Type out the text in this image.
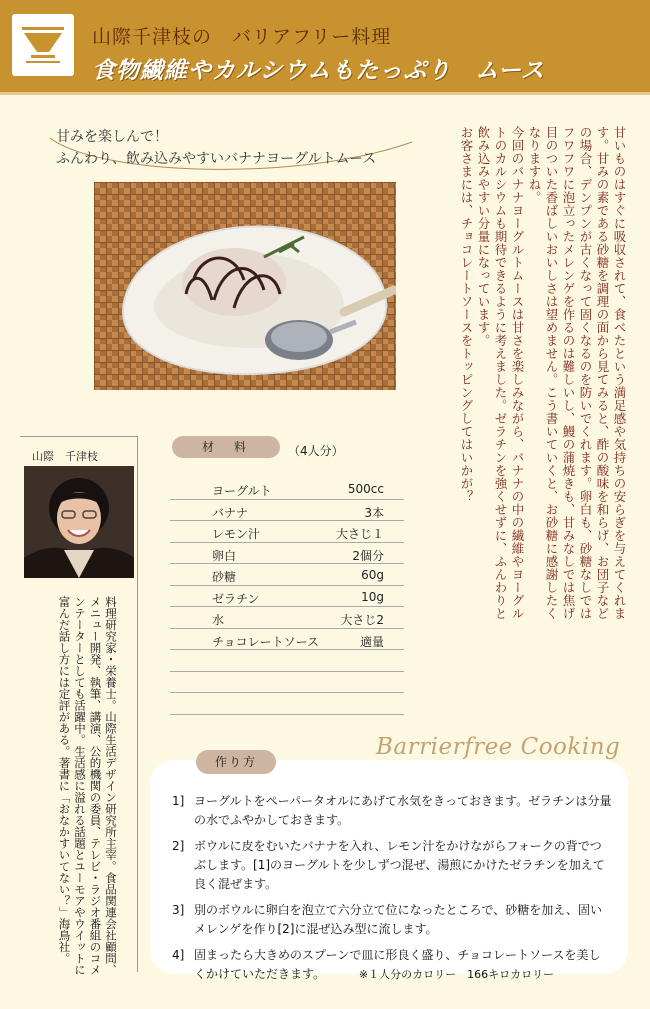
山際千津枝の　バリアフリー料理
食物繊維やカルシウムもたっぷり　ムース
甘みを楽しんで！
ふんわり、飲み込みやすいバナナヨーグルトムース	甘いものはすぐに吸収されて、食べたという満足感や気持ちの安らぎを与えてくれます。甘みの素である砂糖を調理の面から見てみると、酢の酸味を和らげ、お団子などの場合、デンプンが古くなって固くなるのを防いでくれます。卵白も、砂糖なしではフワフワに泡立ったメレンゲを作るのは難しいし、鰻の蒲焼きも、甘みなしでは焦げ目のついた香ばしいおいしさは望めません。こう書いていくと、お砂糖に感謝したくなりますね。

今回のバナナヨーグルトムースは甘さを楽しみながら、バナナの中の繊維やヨーグルトのカルシウムも期待できるように考えました。ゼラチンを強くせずに、ふんわりと飲み込みやすい分量になっています。

お客さまには、チョコレートソースをトッピングしてはいかが？

山際　千津枝
料理研究家・栄養士。山際生活デザイン研究所主宰。食品関連会社顧問、メニュー開発、執筆、講演、公的機関の委員、テレビ・ラジオ番組のコメンテーターとしても活躍中。生活感に溢れる話題とユーモアやウイットに富んだ話し方には定評がある。著書に「おなかすいてない？」海鳥社。
材　料	（4人分）
ヨーグルト	500cc
バナナ	3本
レモン汁	大さじ１
卵白	2個分
砂糖	60g
ゼラチン	10g
水	大さじ2
チョコレートソース	適量
Barrierfree Cooking
作り方
1] ヨーグルトをペーパータオルにあげて水気をきっておきます。ゼラチンは分量の水でふやかしておきます。
2] ボウルに皮をむいたバナナを入れ、レモン汁をかけながらフォークの背でつぶします。[1]のヨーグルトを少しずつ混ぜ、湯煎にかけたゼラチンを加えて良く混ぜます。
3] 別のボウルに卵白を泡立て六分立て位になったところで、砂糖を加え、固いメレンゲを作り[2]に混ぜ込み型に流します。
4] 固まったら大きめのスプーンで皿に形良く盛り、チョコレートソースを美しくかけていただきます。	※１人分のカロリー　166キロカロリー
